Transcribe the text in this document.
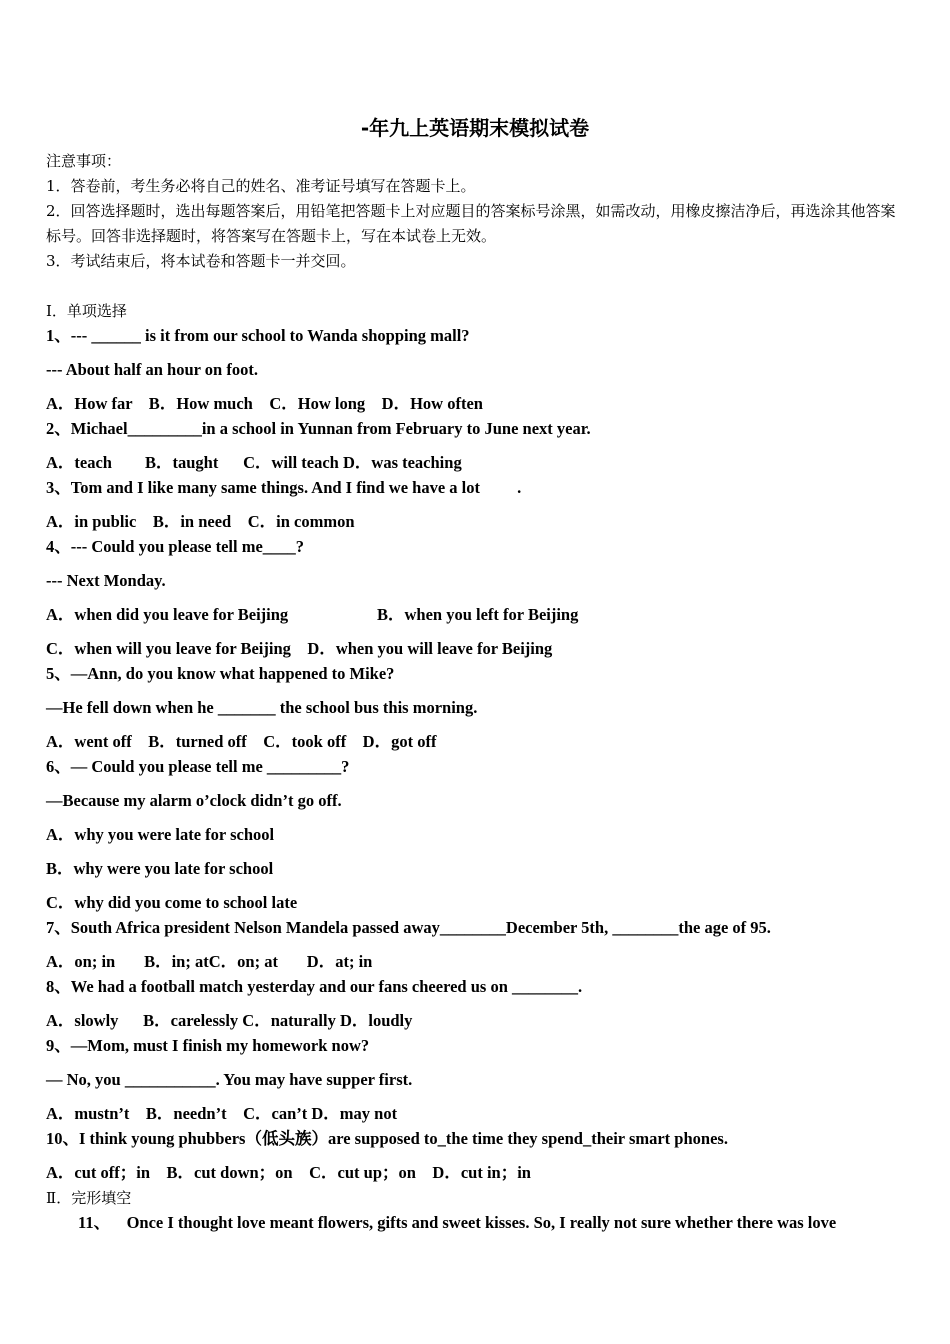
-年九上英语期末模拟试卷
注意事项：
1．答卷前，考生务必将自己的姓名、准考证号填写在答题卡上。
2．回答选择题时，选出每题答案后，用铅笔把答题卡上对应题目的答案标号涂黑，如需改动，用橡皮擦洁净后，再选涂其他答案标号。回答非选择题时，将答案写在答题卡上，写在本试卷上无效。
3．考试结束后，将本试卷和答题卡一并交回。
Ⅰ．单项选择
1、--- ______ is it from our school to Wanda shopping mall?
--- About half an hour on foot.
A．How far    B．How much    C．How long    D．How often
2、Michael_________in a school in Yunnan from February to June next year.
A．teach        B．taught      C．will teach D．was teaching
3、Tom and I like many same things. And I find we have a lot         .
A．in public    B．in need    C．in common
4、--- Could you please tell me____?
--- Next Monday.
A．when did you leave for Beijing	B．when you left for Beijing
C．when will you leave for Beijing    D．when you will leave for Beijing
5、—Ann, do you know what happened to Mike?
—He fell down when he _______ the school bus this morning.
A．went off    B．turned off    C．took off    D．got off
6、— Could you please tell me _________?
—Because my alarm o’clock didn’t go off.
A．why you were late for school
B．why were you late for school
C．why did you come to school late
7、South Africa president Nelson Mandela passed away________December 5th, ________the age of 95.
A．on; in       B．in; atC．on; at       D．at; in
8、We had a football match yesterday and our fans cheered us on ________.
A．slowly      B．carelessly C．naturally D．loudly
9、—Mom, must I finish my homework now?
— No, you ___________. You may have supper first.
A．mustn’t    B．needn’t    C．can’t D．may not
10、I think young phubbers（低头族）are supposed to_the time they spend_their smart phones.
A．cut off；in    B．cut down；on    C．cut up；on    D．cut in；in
Ⅱ．完形填空
11、    Once I thought love meant flowers, gifts and sweet kisses. So, I really not sure whether there was love
